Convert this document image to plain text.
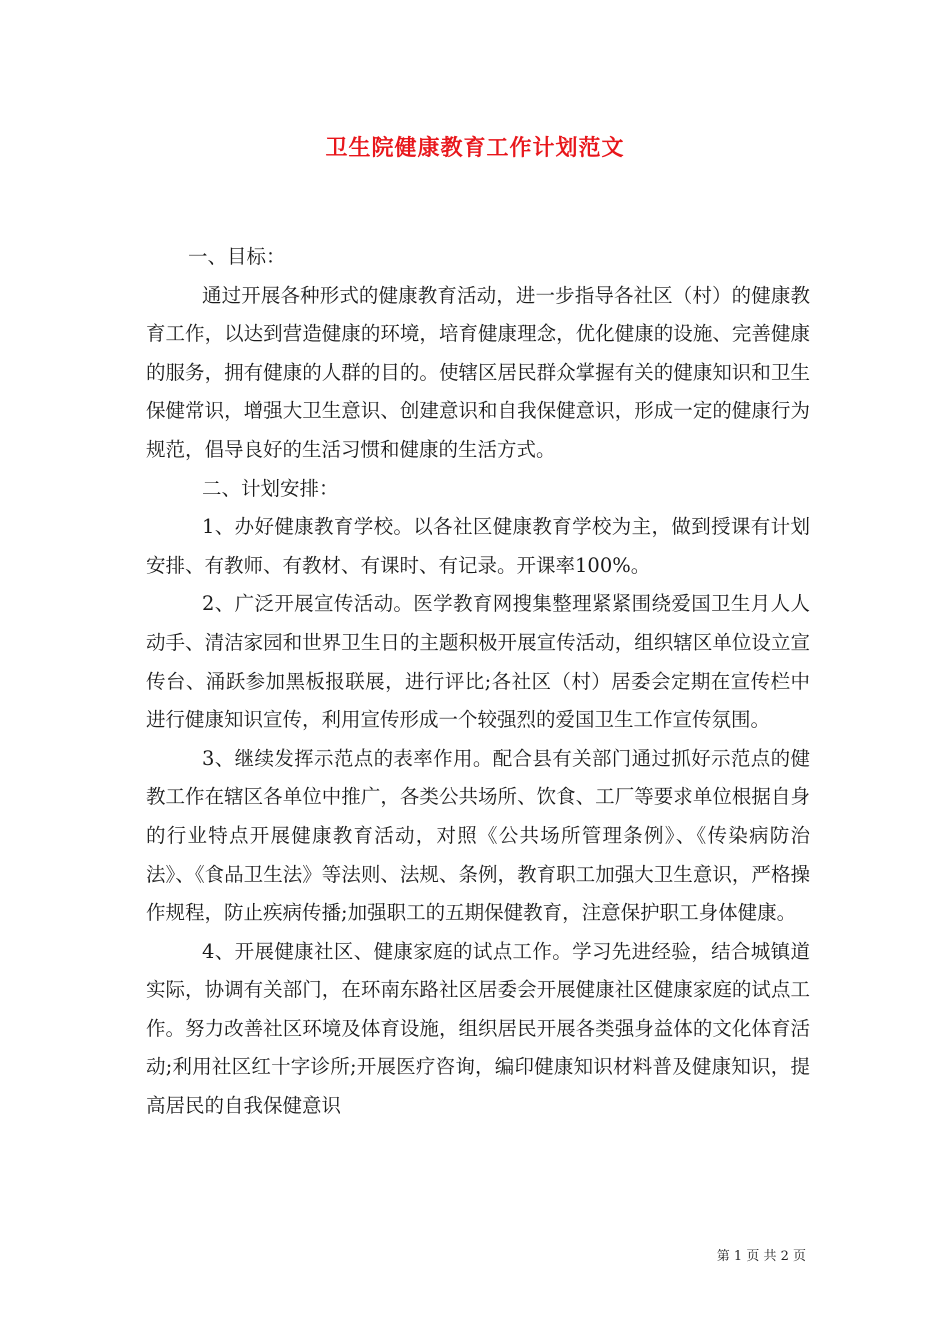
卫生院健康教育工作计划范文

一、目标：

通过开展各种形式的健康教育活动，进一步指导各社区（村）的健康教育工作，以达到营造健康的环境，培育健康理念，优化健康的设施、完善健康的服务，拥有健康的人群的目的。使辖区居民群众掌握有关的健康知识和卫生保健常识，增强大卫生意识、创建意识和自我保健意识，形成一定的健康行为规范，倡导良好的生活习惯和健康的生活方式。

二、计划安排：

1、办好健康教育学校。以各社区健康教育学校为主，做到授课有计划安排、有教师、有教材、有课时、有记录。开课率100%。

2、广泛开展宣传活动。医学教育网搜集整理紧紧围绕爱国卫生月人人动手、清洁家园和世界卫生日的主题积极开展宣传活动，组织辖区单位设立宣传台、涌跃参加黑板报联展，进行评比;各社区（村）居委会定期在宣传栏中进行健康知识宣传，利用宣传形成一个较强烈的爱国卫生工作宣传氛围。

3、继续发挥示范点的表率作用。配合县有关部门通过抓好示范点的健教工作在辖区各单位中推广，各类公共场所、饮食、工厂等要求单位根据自身的行业特点开展健康教育活动，对照《公共场所管理条例》、《传染病防治法》、《食品卫生法》等法则、法规、条例，教育职工加强大卫生意识，严格操作规程，防止疾病传播;加强职工的五期保健教育，注意保护职工身体健康。

4、开展健康社区、健康家庭的试点工作。学习先进经验，结合城镇道实际，协调有关部门，在环南东路社区居委会开展健康社区健康家庭的试点工作。努力改善社区环境及体育设施，组织居民开展各类强身益体的文化体育活动;利用社区红十字诊所;开展医疗咨询，编印健康知识材料普及健康知识，提高居民的自我保健意识

第 1 页 共 2 页
